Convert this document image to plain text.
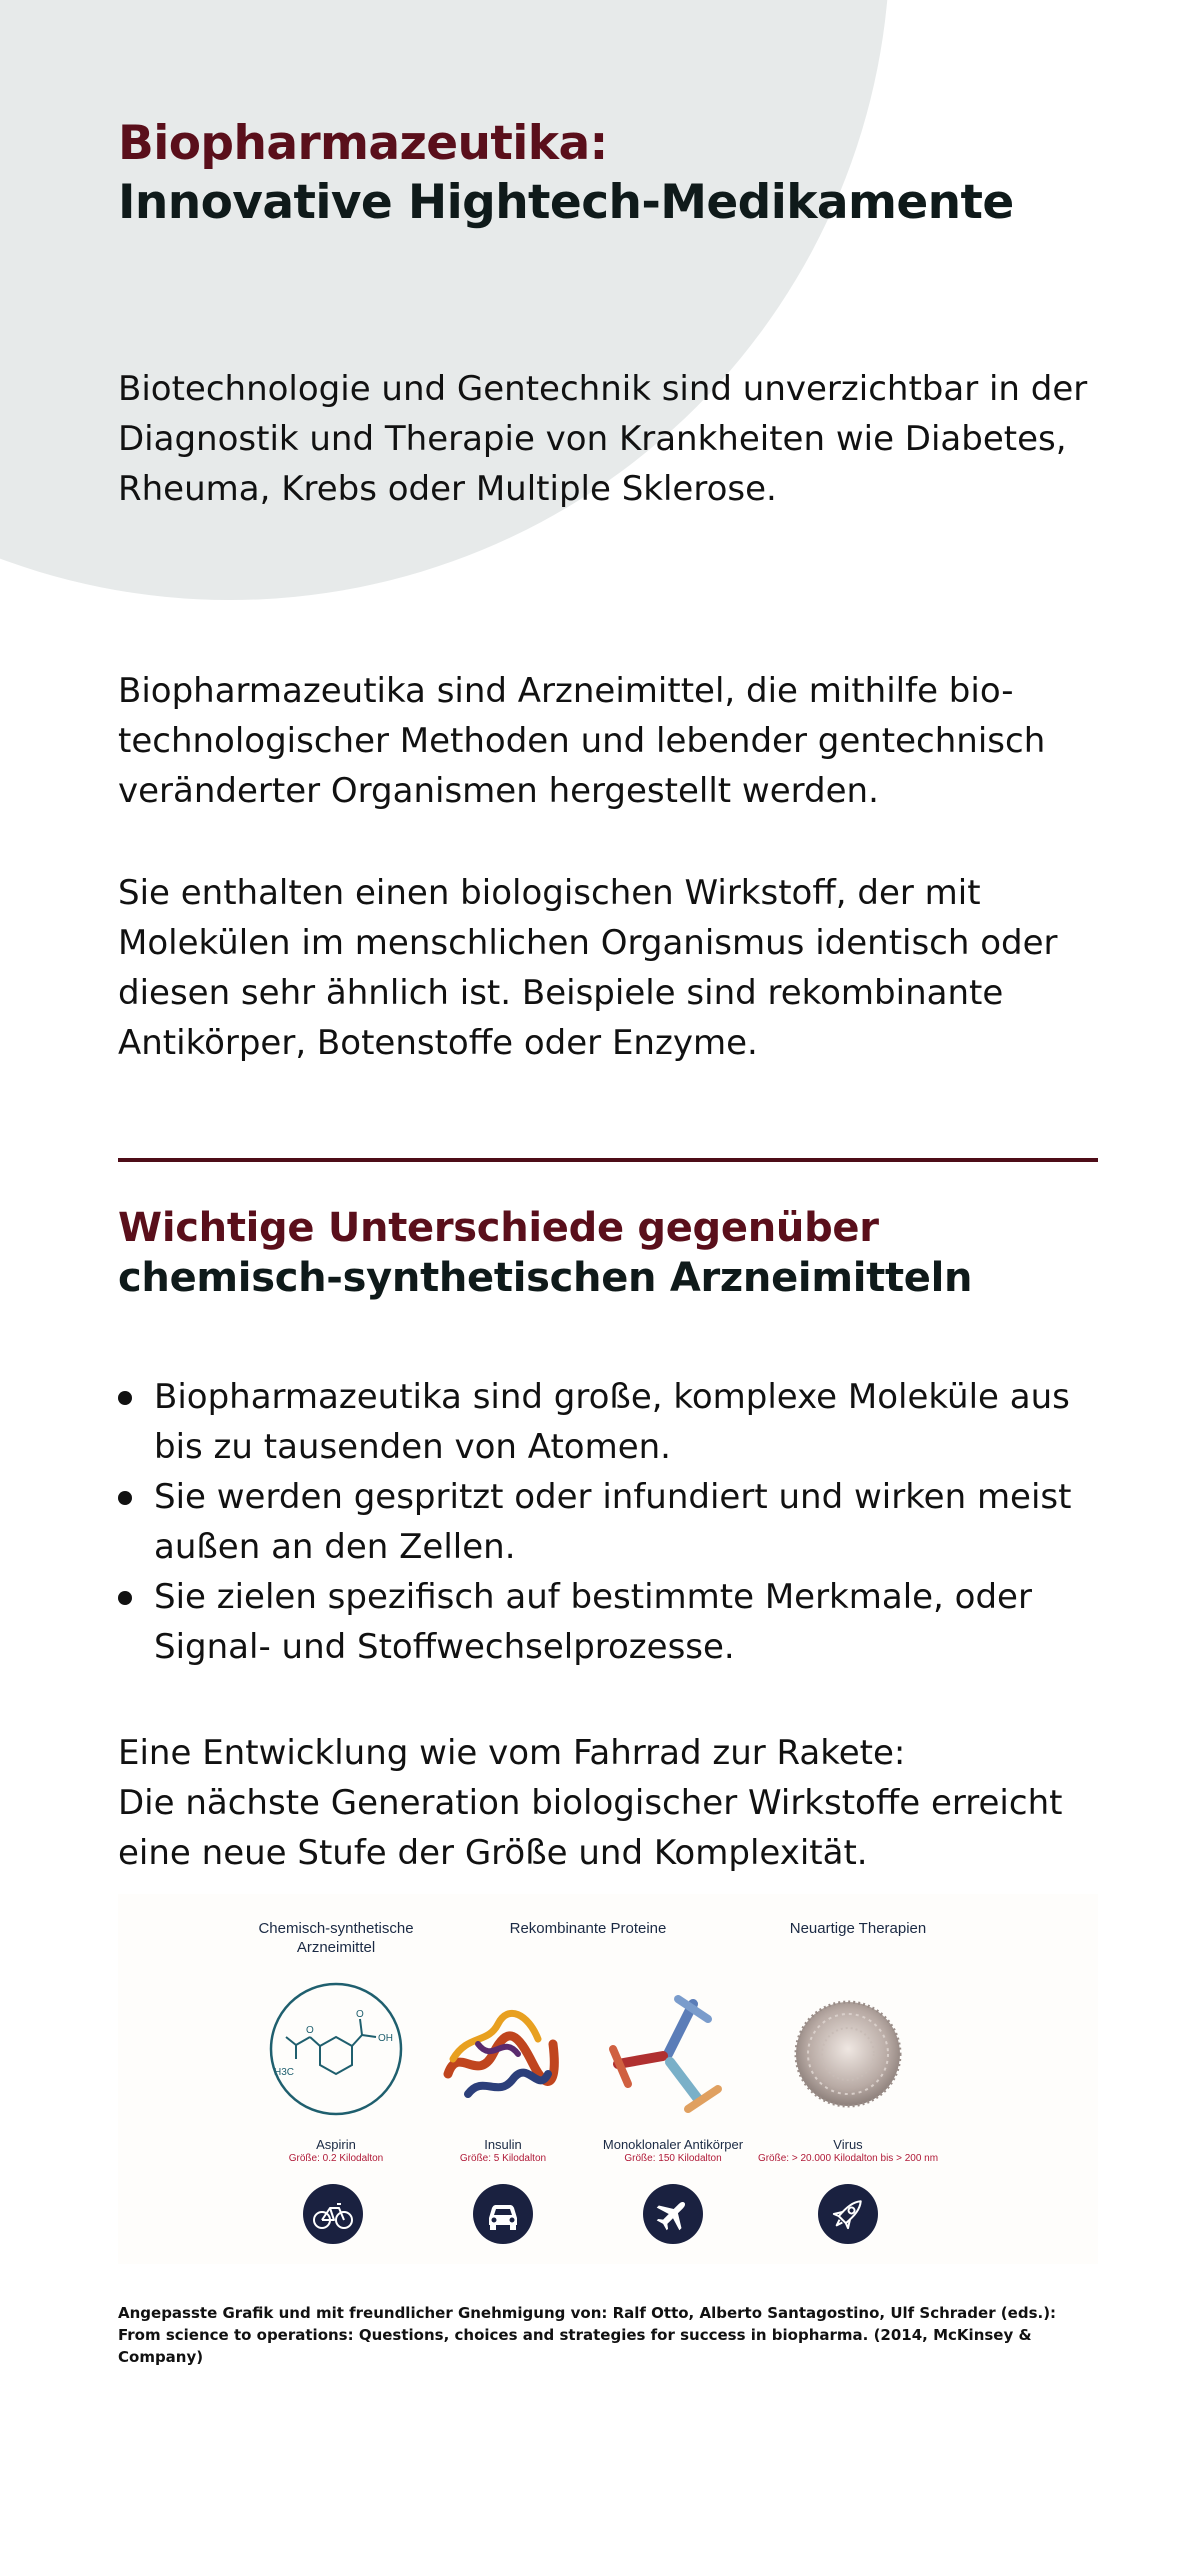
Biopharmazeutika:
Innovative Hightech-Medikamente

Biotechnologie und Gentechnik sind unverzichtbar in der Diagnostik und Therapie von Krankheiten wie Diabetes, Rheuma, Krebs oder Multiple Sklerose.

Biopharmazeutika sind Arzneimittel, die mithilfe bio-technologischer Methoden und lebender gentechnisch veränderter Organismen hergestellt werden.

Sie enthalten einen biologischen Wirkstoff, der mit Molekülen im menschlichen Organismus identisch oder diesen sehr ähnlich ist. Beispiele sind rekombinante Antikörper, Botenstoffe oder Enzyme.

Wichtige Unterschiede gegenüber
chemisch-synthetischen Arzneimitteln
Biopharmazeutika sind große, komplexe Moleküle aus bis zu tausenden von Atomen.
Sie werden gespritzt oder infundiert und wirken meist außen an den Zellen.
Sie zielen spezifisch auf bestimmte Merkmale, oder Signal- und Stoffwechselprozesse.

Eine Entwicklung wie vom Fahrrad zur Rakete:
Die nächste Generation biologischer Wirkstoffe erreicht eine neue Stufe der Größe und Komplexität.

Chemisch-synthetische Arzneimittel
Rekombinante Proteine	Neuartige Therapien
H3C
O
O
OH
Aspirin
Größe: 0.2 Kilodalton
Insulin
Größe: 5 Kilodalton
Monoklonaler Antikörper
Größe: 150 Kilodalton
Virus
Größe: > 20.000 Kilodalton bis > 200 nm

Angepasste Grafik und mit freundlicher Gnehmigung von: Ralf Otto, Alberto Santagostino, Ulf Schrader (eds.): From science to operations: Questions, choices and strategies for success in biopharma. (2014, McKinsey & Company)
